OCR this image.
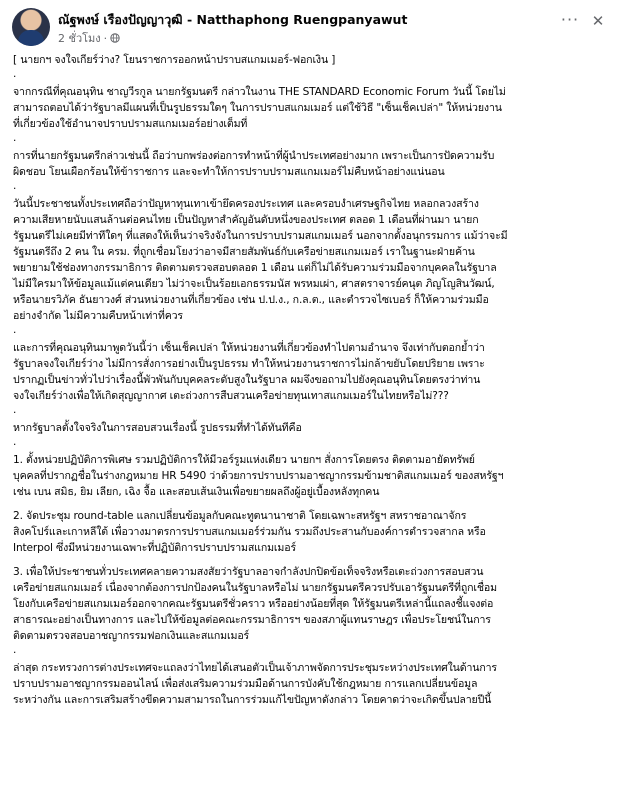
ณัฐพงษ์ เรืองปัญญาวุฒิ - Natthaphong Ruengpanyawut
2 ชั่วโมง ·
··· ✕

[ นายกฯ จงใจเกียร์ว่าง? โยนราชการออกหน้าปราบสแกมเมอร์-ฟอกเงิน ]

.

จากกรณีที่คุณอนุทิน ชาญวีรกูล นายกรัฐมนตรี กล่าวในงาน THE STANDARD Economic Forum วันนี้ โดยไม่
สามารถตอบได้ว่ารัฐบาลมีแผนที่เป็นรูปธรรมใดๆ ในการปราบสแกมเมอร์ แต่ใช้วิธี "เซ็นเช็คเปล่า" ให้หน่วยงาน
ที่เกี่ยวข้องใช้อำนาจปราบปรามสแกมเมอร์อย่างเต็มที่

.

การที่นายกรัฐมนตรีกล่าวเช่นนี้ ถือว่าบกพร่องต่อการทำหน้าที่ผู้นำประเทศอย่างมาก เพราะเป็นการปัดความรับ
ผิดชอบ โยนเผือกร้อนให้ข้าราชการ และจะทำให้การปราบปรามสแกมเมอร์ไม่คืบหน้าอย่างแน่นอน

.

วันนี้ประชาชนทั้งประเทศถือว่าปัญหาทุนเทาเข้ายึดครองประเทศ และครอบงำเศรษฐกิจไทย หลอกลวงสร้าง
ความเสียหายนับแสนล้านต่อคนไทย เป็นปัญหาสำคัญอันดับหนึ่งของประเทศ ตลอด 1 เดือนที่ผ่านมา นายก
รัฐมนตรีไม่เคยมีท่าทีใดๆ ที่แสดงให้เห็นว่าจริงจังในการปราบปรามสแกมเมอร์ นอกจากตั้งอนุกรรมการ แม้ว่าจะมี
รัฐมนตรีถึง 2 คน ใน ครม. ที่ถูกเชื่อมโยงว่าอาจมีสายสัมพันธ์กับเครือข่ายสแกมเมอร์ เราในฐานะฝ่ายค้าน
พยายามใช้ช่องทางกรรมาธิการ ติดตามตรวจสอบตลอด 1 เดือน แต่ก็ไม่ได้รับความร่วมมือจากบุคคลในรัฐบาล
ไม่มีใครมาให้ข้อมูลแม้แต่คนเดียว ไม่ว่าจะเป็นร้อยเอกธรรมนัส พรหมเผ่า, ศาสตราจารย์คนุต ภิญโญสินวัฒน์,
หรือนายรวิภัค ธันยาวงศ์ ส่วนหน่วยงานที่เกี่ยวข้อง เช่น ป.ป.ง., ก.ล.ต., และตำรวจไซเบอร์ ก็ให้ความร่วมมือ
อย่างจำกัด ไม่มีความคืบหน้าเท่าที่ควร

.

และการที่คุณอนุทินมาพูดวันนี้ว่า เซ็นเช็คเปล่า ให้หน่วยงานที่เกี่ยวข้องทำไปตามอำนาจ จึงเท่ากับตอกย้ำว่า
รัฐบาลจงใจเกียร์ว่าง ไม่มีการสั่งการอย่างเป็นรูปธรรม ทำให้หน่วยงานราชการไม่กล้าขยับโดยปริยาย เพราะ
ปรากฏเป็นข่าวทั่วไปว่าเรื่องนี้พัวพันกับบุคคลระดับสูงในรัฐบาล ผมจึงขอถามไปยังคุณอนุทินโดยตรงว่าท่าน
จงใจเกียร์ว่างเพื่อให้เกิดสุญญากาศ เตะถ่วงการสืบสวนเครือข่ายทุนเทาสแกมเมอร์ในไทยหรือไม่???

.

หากรัฐบาลตั้งใจจริงในการสอบสวนเรื่องนี้ รูปธรรมที่ทำได้ทันทีคือ

.

1. ตั้งหน่วยปฏิบัติการพิเศษ รวมปฏิบัติการให้มีวอร์รูมแห่งเดียว นายกฯ สั่งการโดยตรง ติดตามอายัดทรัพย์
บุคคลที่ปรากฏชื่อในร่างกฎหมาย HR 5490 ว่าด้วยการปราบปรามอาชญากรรมข้ามชาติสแกมเมอร์ ของสหรัฐฯ
เช่น เบน สมิธ, ยิม เลียก, เฉิง จื้อ และสอบเส้นเงินเพื่อขยายผลถึงผู้อยู่เบื้องหลังทุกคน

2. จัดประชุม round-table แลกเปลี่ยนข้อมูลกับคณะทูตนานาชาติ โดยเฉพาะสหรัฐฯ สหราชอาณาจักร
สิงคโปร์และเกาหลีใต้ เพื่อวางมาตรการปราบสแกมเมอร์ร่วมกัน รวมถึงประสานกับองค์การตำรวจสากล หรือ
Interpol ซึ่งมีหน่วยงานเฉพาะที่ปฏิบัติการปราบปรามสแกมเมอร์

3. เพื่อให้ประชาชนทั่วประเทศคลายความสงสัยว่ารัฐบาลอาจกำลังปกปิดข้อเท็จจริงหรือเตะถ่วงการสอบสวน
เครือข่ายสแกมเมอร์ เนื่องจากต้องการปกป้องคนในรัฐบาลหรือไม่ นายกรัฐมนตรีควรปรับเอารัฐมนตรีที่ถูกเชื่อม
โยงกับเครือข่ายสแกมเมอร์ออกจากคณะรัฐมนตรีชั่วคราว หรืออย่างน้อยที่สุด ให้รัฐมนตรีเหล่านี้แถลงชี้แจงต่อ
สาธารณะอย่างเป็นทางการ และไปให้ข้อมูลต่อคณะกรรมาธิการฯ ของสภาผู้แทนราษฎร เพื่อประโยชน์ในการ
ติดตามตรวจสอบอาชญากรรมฟอกเงินและสแกมเมอร์

.

ล่าสุด กระทรวงการต่างประเทศจะแถลงว่าไทยได้เสนอตัวเป็นเจ้าภาพจัดการประชุมระหว่างประเทศในด้านการ
ปราบปรามอาชญากรรมออนไลน์ เพื่อส่งเสริมความร่วมมือด้านการบังคับใช้กฎหมาย การแลกเปลี่ยนข้อมูล
ระหว่างกัน และการเสริมสร้างขีดความสามารถในการร่วมแก้ไขปัญหาดังกล่าว โดยคาดว่าจะเกิดขึ้นปลายปีนี้
